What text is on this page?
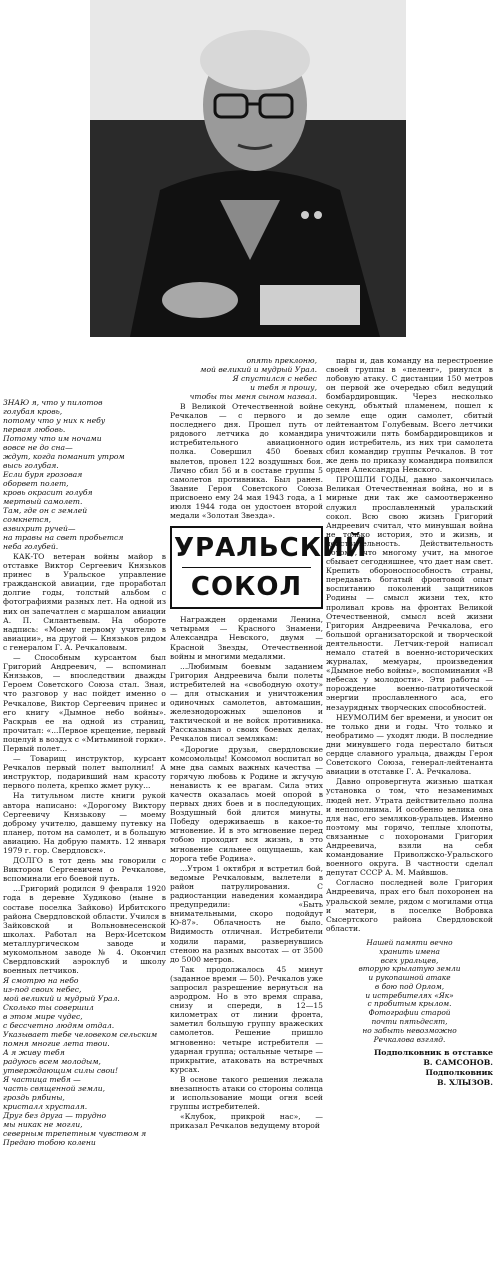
ЗНАЮ я, что у пилотов
голубая кровь,
потому что у них к небу
первая любовь.
Потому что им ночами
вовсе не до сна—
ждут, когда поманит утром
высь голубая.
Если буря грозовая
оборвет полет,
кровь окрасит голубя
мертвый самолет.
Там, где он с землей
сомкнется,
взвихрит ручей—
на травы на свет пробьется
неба голубей.

КАК-ТО ветеран войны майор в отставке Виктор Сергеевич Князьков принес в Уральское управление гражданской авиации, где проработал долгие годы, толстый альбом с фотографиями разных лет. На одной из них он запечатлен с маршалом авиации А. П. Силантьевым. На обороте надпись: «Моему первому учителю в авиации», на другой — Князьков рядом с генералом Г. А. Речкаловым.

— Способным курсантом был Григорий Андреевич, — вспоминал Князьков, — впоследствии дважды Героем Советского Союза стал. Зная, что разговор у нас пойдет именно о Речкалове, Виктор Сергеевич принес и его книгу «Дымное небо войны». Раскрыв ее на одной из страниц, прочитал: «...Первое крещение, первый поцелуй в воздух с «Митьминой горки». Первый полет...

— Товарищ инструктор, курсант Речкалов первый полет выполнил! А инструктор, подаривший нам красоту первого полета, крепко жмет руку...

На титульном листе книги рукой автора написано: «Дорогому Виктору Сергеевичу Князькову — моему доброму учителю, давшему путевку на планер, потом на самолет, и в большую авиацию. На добрую память. 12 января 1979 г. гор. Свердловск».

ДОЛГО в тот день мы говорили с Виктором Сергеевичем о Речкалове, вспоминали его боевой путь.

...Григорий родился 9 февраля 1920 года в деревне Худяково (ныне в составе поселка Зайково) Ирбитского района Свердловской области. Учился в Зайковской и Вольновнесенской школах. Работал на Верх-Исетском металлургическом заводе и мукомольном заводе № 4. Окончил Свердловский аэроклуб и школу военных летчиков.

Я смотрю на небо
из-под своих небес,
мой великий и мудрый Урал.
Сколько ты совершил
в этом мире чудес,
с бессчетно людям отдал.
Указывает тебе человеком сельским
помня многие лета твои.
А я живу тебя
радуюсь всем молодым,
утверждающим силы свои!
Я частица тебя —
часть священной земли,
гроздь рябины,
кристалл хрусталя.
Друг без друга — трудно
мы никак не могли,
северным трепетным чувством я
Предаю тобою колени

опять преклоню,
мой великий и мудрый Урал.
Я спустился с небес
и тебя я прошу,
чтобы ты меня сыном назвал.

В Великой Отечественной войне Речкалов — с первого и до последнего дня. Прошел путь от рядового летчика до командира истребительного авиационного полка. Совершил 450 боевых вылетов, провел 122 воздушных боя. Лично сбил 56 и в составе группы 5 самолетов противника. Был ранен. Звание Героя Советского Союза присвоено ему 24 мая 1943 года, а 1 июля 1944 года он удостоен второй медали «Золотая Звезда».

УРАЛЬСКИЙ
СОКОЛ

Награжден орденами Ленина, четырьмя — Красного Знамени, Александра Невского, двумя — Красной Звезды, Отечественной войны и многими медалями.

...Любимым боевым заданием Григория Андреевича были полеты истребителей на «свободную охоту» — для отыскания и уничтожения одиночных самолетов, автомашин, железнодорожных эшелонов и тактической и не войск противника. Рассказывал о своих боевых делах, Речкалов писал землякам:

«Дорогие друзья, свердловские комсомольцы! Комсомол воспитал во мне два самых важных качества — горячую любовь к Родине и жгучую ненависть к ее врагам. Сила этих качеств оказалась моей опорой в первых днях боев и в последующих. Воздушный бой длится минуты. Победу одерживаешь в какое-то мгновение. И в это мгновение перед тобою проходит вся жизнь, в это мгновение сильнее ощущаешь, как дорога тебе Родина».

...Утром 1 октября я встретил бой, ведомые Речкаловым, вылетели в район патрулирования. С радиостанции наведения командира предупредили: «Быть внимательными, скоро подойдут Ю-87». Облачность не было. Видимость отличная. Истребители ходили парами, развернувшись стеною на разных высотах — от 3500 до 5000 метров.

Так продолжалось 45 минут (заданное время — 50). Речкалов уже запросил разрешение вернуться на аэродром. Но в это время справа, снизу и спереди, в 12—15 километрах от линии фронта, заметил большую группу вражеских самолетов. Решение пришло мгновенно: четыре истребителя — ударная группа; остальные четыре — прикрытие, атаковать на встречных курсах.

В основе такого решения лежала внезапность атаки со стороны солнца и использование мощи огня всей группы истребителей.

«Клубок, прикрой нас», — приказал Речкалов ведущему второй

пары и, дав команду на перестроение своей группы в «пеленг», ринулся в лобовую атаку. С дистанции 150 метров он первой же очередью сбил ведущий бомбардировщик. Через несколько секунд, объятый пламенем, пошел к земле еще один самолет, сбитый лейтенантом Голубевым. Всего летчики уничтожили пять бомбардировщиков и один истребитель, из них три самолета сбил командир группы Речкалов. В тот же день по приказу командира появился орден Александра Невского.

ПРОШЛИ ГОДЫ, давно закончилась Великая Отечественная война, но и в мирные дни так же самоотверженно служил прославленный уральский сокол. Всю свою жизнь Григорий Андреевич считал, что минувшая война не только история, это и жизнь, и действительность. Действительность потому, что многому учит, на многое сбывает сегодняшнее, что дает нам свет. Крепить обороноспособность страны, передавать богатый фронтовой опыт воспитанию поколений защитников Родины — смысл жизни тех, кто проливал кровь на фронтах Великой Отечественной, смысл всей жизни Григория Андреевича Речкалова, его большой организаторской и творческой деятельности. Летчик-герой написал немало статей в военно-исторических журналах, мемуары, произведения «Дымное небо войны», воспоминания «В небесах у молодости». Эти работы — порождение военно-патриотической энергии прославленного аса, его незаурядных творческих способностей.

НЕУМОЛИМ бег времени, и уносит он не только дни и годы. Что только и необратимо — уходят люди. В последние дни минувшего года перестало биться сердце славного уральца, дважды Героя Советского Союза, генерал-лейтенанта авиации в отставке Г. А. Речкалова.

Давно опровергнута жизнью шаткая установка о том, что незаменимых людей нет. Утрата действительно полна и непополнима. И особенно велика она для нас, его земляков-уральцев. Именно поэтому мы горячо, теплые хлопоты, связанные с похоронами Григория Андреевича, взяли на себя командование Приволжско-Уральского военного округа. В частности сделал депутат СССР А. М. Майвшов.

Согласно последней воле Григория Андреевича, прах его был похоронен на уральской земле, рядом с могилами отца и матери, в поселке Вобровка Сысертского района Свердловской области.

Нашей памяти вечно
хранить имена
всех уральцев,
вторую крылатую земли
и рукопашной атаке
в бою под Орлом,
и истребителях «Як»
с пробитым крылом.
Фотографии старой
почти пятьдесят,
но забыть невозможно
Речкалова взгляд.
Подполковник в отставке
В. САМСОНОВ.
Подполковник
В. ХЛЫЗОВ.
